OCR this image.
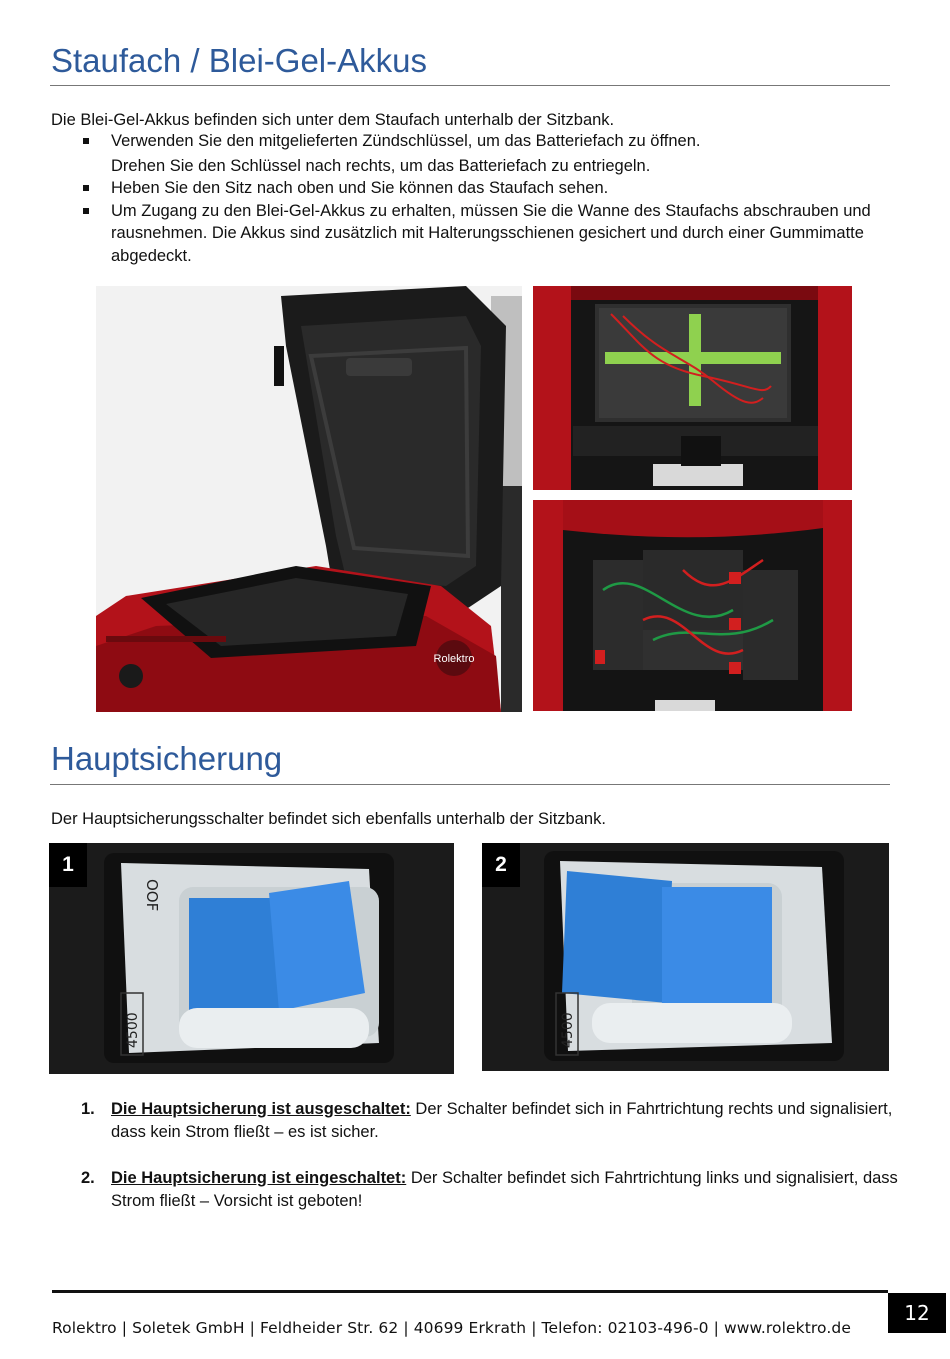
Staufach / Blei-Gel-Akkus

Die Blei-Gel-Akkus befinden sich unter dem Staufach unterhalb der Sitzbank.

Verwenden Sie den mitgelieferten Zündschlüssel, um das Batteriefach zu öffnen.
Drehen Sie den Schlüssel nach rechts, um das Batteriefach zu entriegeln.
Heben Sie den Sitz nach oben und Sie können das Staufach sehen.
Um Zugang zu den Blei-Gel-Akkus zu erhalten, müssen Sie die Wanne des Staufachs abschrauben und rausnehmen. Die Akkus sind zusätzlich mit Halterungsschienen gesichert und durch einer Gummimatte abgedeckt.
Rolektro
Hauptsicherung

Der Hauptsicherungsschalter befindet sich ebenfalls unterhalb der Sitzbank.

OOF
4500
1
4500
2
1. Die Hauptsicherung ist ausgeschaltet: Der Schalter befindet sich in Fahrtrichtung rechts und signalisiert, dass kein Strom fließt – es ist sicher.
2. Die Hauptsicherung ist eingeschaltet: Der Schalter befindet sich Fahrtrichtung links und signalisiert, dass Strom fließt – Vorsicht ist geboten!
12
Rolektro | Soletek GmbH | Feldheider Str. 62 | 40699 Erkrath | Telefon: 02103-496-0 | www.rolektro.de
